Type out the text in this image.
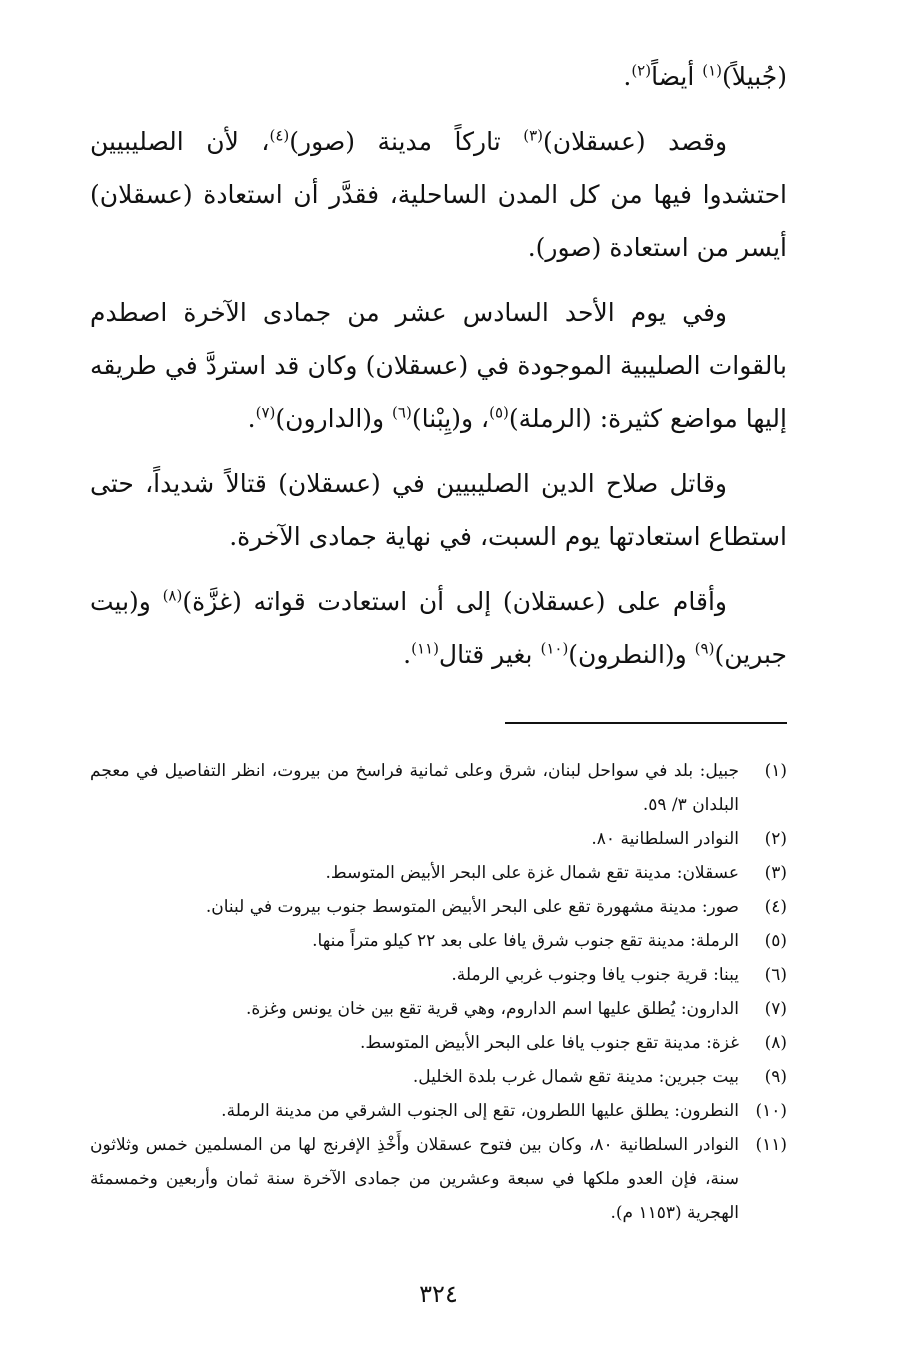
(جُبيلاً)$^{(١)}$ أيضاً$^{(٢)}$.

وقصد (عسقلان)$^{(٣)}$ تاركاً مدينة (صور)$^{(٤)}$، لأن الصليبيين احتشدوا فيها من كل المدن الساحلية، فقدَّر أن استعادة (عسقلان) أيسر من استعادة (صور).

وفي يوم الأحد السادس عشر من جمادى الآخرة اصطدم بالقوات الصليبية الموجودة في (عسقلان) وكان قد استردَّ في طريقه إليها مواضع كثيرة: (الرملة)$^{(٥)}$، و(يِبْنا)$^{(٦)}$ و(الدارون)$^{(٧)}$.

وقاتل صلاح الدين الصليبيين في (عسقلان) قتالاً شديداً، حتى استطاع استعادتها يوم السبت، في نهاية جمادى الآخرة.

وأقام على (عسقلان) إلى أن استعادت قواته (غزَّة)$^{(٨)}$ و(بيت جبرين)$^{(٩)}$ و(النطرون)$^{(١٠)}$ بغير قتال$^{(١١)}$.

(١)
جبيل: بلد في سواحل لبنان، شرق وعلى ثمانية فراسخ من بيروت، انظر التفاصيل في معجم البلدان ٣/ ٥٩.
(٢)
النوادر السلطانية ٨٠.
(٣)
عسقلان: مدينة تقع شمال غزة على البحر الأبيض المتوسط.
(٤)
صور: مدينة مشهورة تقع على البحر الأبيض المتوسط جنوب بيروت في لبنان.
(٥)
الرملة: مدينة تقع جنوب شرق يافا على بعد ٢٢ كيلو متراً منها.
(٦)
يبنا: قرية جنوب يافا وجنوب غربي الرملة.
(٧)
الدارون: يُطلق عليها اسم الداروم، وهي قرية تقع بين خان يونس وغزة.
(٨)
غزة: مدينة تقع جنوب يافا على البحر الأبيض المتوسط.
(٩)
بيت جبرين: مدينة تقع شمال غرب بلدة الخليل.
(١٠)
النطرون: يطلق عليها اللطرون، تقع إلى الجنوب الشرقي من مدينة الرملة.
(١١)
النوادر السلطانية ٨٠، وكان بين فتوح عسقلان وأَخْذِ الإفرنج لها من المسلمين خمس وثلاثون سنة، فإن العدو ملكها في سبعة وعشرين من جمادى الآخرة سنة ثمان وأربعين وخمسمئة الهجرية (١١٥٣ م).
٣٢٤
